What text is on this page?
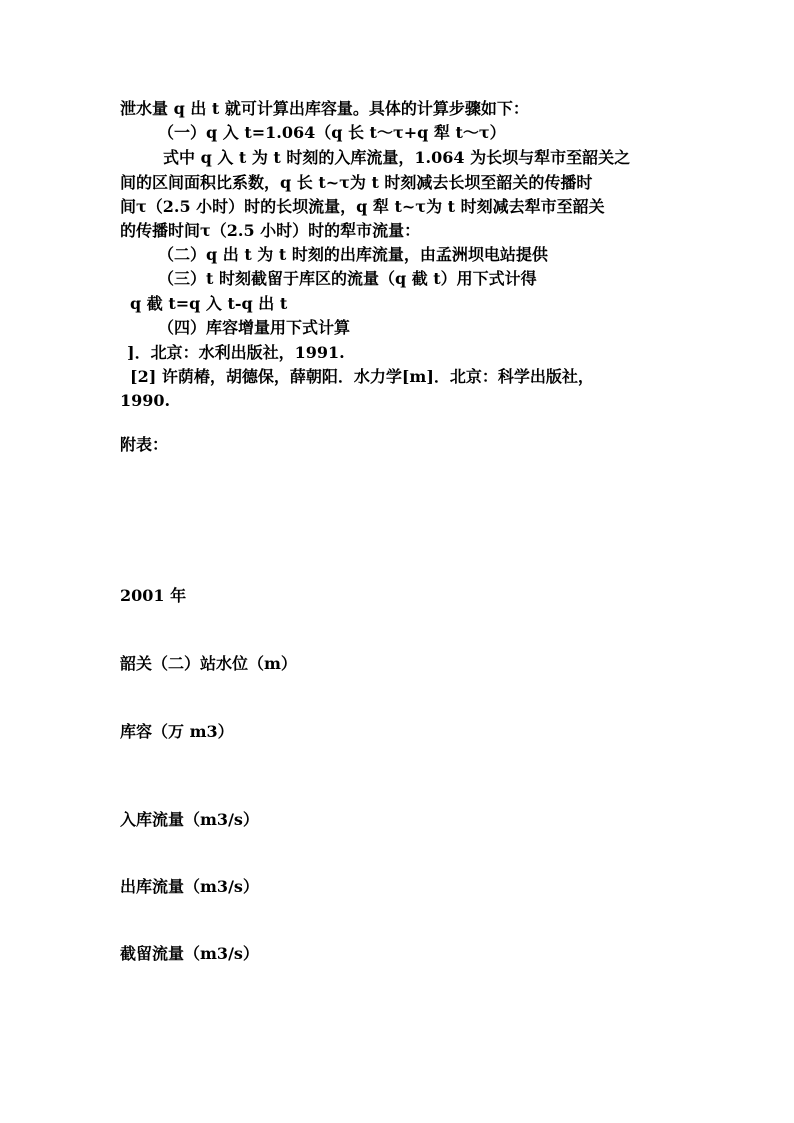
泄水量 q 出 t 就可计算出库容量。具体的计算步骤如下：
（一）q 入 t=1.064（q 长 t～τ+q 犁 t～τ）
式中 q 入 t 为 t 时刻的入库流量，1.064 为长坝与犁市至韶关之
间的区间面积比系数，q 长 t~τ为 t 时刻减去长坝至韶关的传播时
间τ（2.5 小时）时的长坝流量，q 犁 t~τ为 t 时刻减去犁市至韶关
的传播时间τ（2.5 小时）时的犁市流量：
（二）q 出 t 为 t 时刻的出库流量，由孟洲坝电站提供
（三）t 时刻截留于库区的流量（q 截 t）用下式计得
q 截 t=q 入 t-q 出 t
（四）库容增量用下式计算
]．北京：水利出版社，1991.
[2] 许荫椿，胡德保，薛朝阳．水力学[m]．北京：科学出版社，
1990.
附表：
2001 年
韶关（二）站水位（m）
库容（万 m3）
入库流量（m3/s）
出库流量（m3/s）
截留流量（m3/s）
